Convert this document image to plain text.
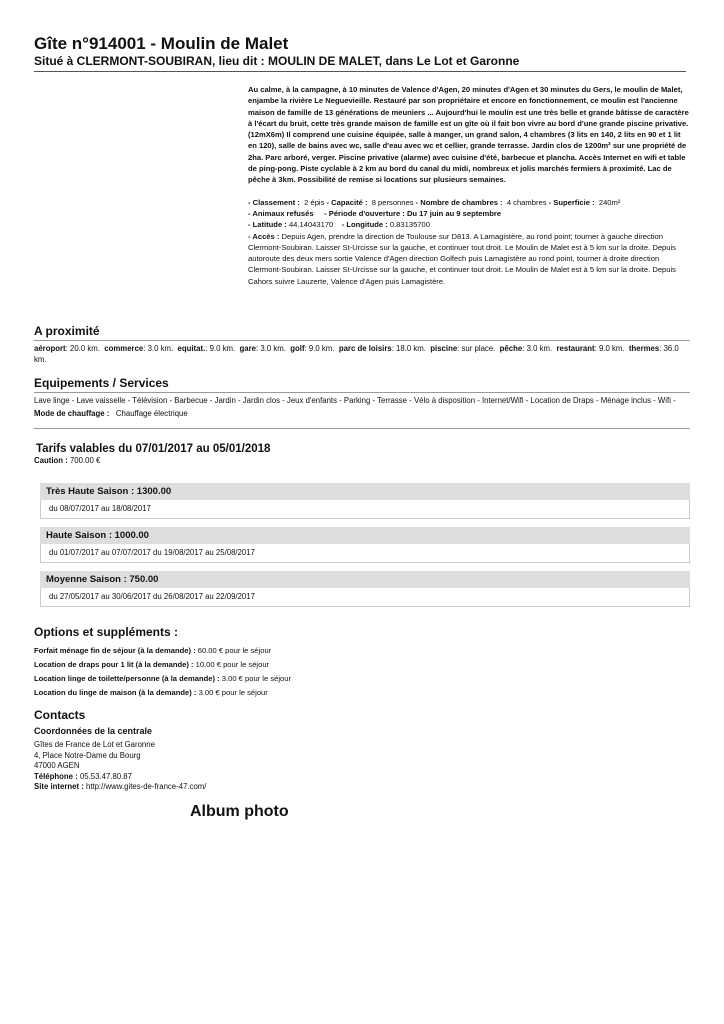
Gîte n°914001 - Moulin de Malet

Situé à CLERMONT-SOUBIRAN, lieu dit : MOULIN DE MALET, dans Le Lot et Garonne

Au calme, à la campagne, à 10 minutes de Valence d'Agen, 20 minutes d'Agen et 30 minutes du Gers, le moulin de Malet, enjambe la rivière Le Neguevieille. Restauré par son propriétaire et encore en fonctionnement, ce moulin est l'ancienne maison de famille de 13 générations de meuniers ... Aujourd'hui le moulin est une très belle et grande bâtisse de caractère à l'écart du bruit, cette très grande maison de famille est un gîte où il fait bon vivre au bord d'une grande piscine privative. (12mX6m) Il comprend une cuisine équipée, salle à manger, un grand salon, 4 chambres (3 lits en 140, 2 lits en 90 et 1 lit en 120), salle de bains avec wc, salle d'eau avec wc et cellier, grande terrasse. Jardin clos de 1200m² sur une propriété de 2ha. Parc arboré, verger. Piscine privative (alarme) avec cuisine d'été, barbecue et plancha. Accès Internet en wifi et table de ping-pong. Piste cyclable à 2 km au bord du canal du midi, nombreux et jolis marchés fermiers à proximité. Lac de pêche à 3km. Possibilité de remise si locations sur plusieurs semaines.

- Classement : 2 épis - Capacité : 8 personnes - Nombre de chambres : 4 chambres - Superficie : 240m²

- Animaux refusés - Période d'ouverture : Du 17 juin au 9 septembre

- Latitude : 44.14043170 - Longitude : 0.83135700

- Accès : Depuis Agen, prendre la direction de Toulouse sur D813. A Lamagistère, au rond point; tourner à gauche direction Clermont-Soubiran. Laisser St-Urcisse sur la gauche, et continuer tout droit. Le Moulin de Malet est à 5 km sur la droite. Depuis autoroute des deux mers sortie Valence d'Agen direction Golfech puis Lamagistère au rond point, tourner à droite direction Clermont-Soubiran. Laisser St-Urcisse sur la gauche, et continuer tout droit. Le Moulin de Malet est à 5 km sur la droite. Depuis Cahors suivre Lauzerte, Valence d'Agen puis Lamagistère.

A proximité

aéroport: 20.0 km. commerce: 3.0 km. equitat.: 9.0 km. gare: 3.0 km. golf: 9.0 km. parc de loisirs: 18.0 km. piscine: sur place. pêche: 3.0 km. restaurant: 9.0 km. thermes: 36.0 km.

Equipements / Services

Lave linge - Lave vaisselle - Télévision - Barbecue - Jardin - Jardin clos - Jeux d'enfants - Parking - Terrasse - Vélo à disposition - Internet/Wifi - Location de Draps - Ménage inclus - Wifi -
Mode de chauffage : Chauffage électrique
Tarifs valables du 07/01/2017 au 05/01/2018
Caution : 700.00 €
Très Haute Saison : 1300.00
du 08/07/2017 au 18/08/2017
Haute Saison : 1000.00
du 01/07/2017 au 07/07/2017 du 19/08/2017 au 25/08/2017
Moyenne Saison : 750.00
du 27/05/2017 au 30/06/2017 du 26/08/2017 au 22/09/2017

Options et suppléments :

Forfait ménage fin de séjour (à la demande) : 60.00 € pour le séjour
Location de draps pour 1 lit (à la demande) : 10.00 € pour le séjour
Location linge de toilette/personne (à la demande) : 3.00 € pour le séjour
Location du linge de maison (à la demande) : 3.00 € pour le séjour

Contacts

Coordonnées de la centrale
Gîtes de France de Lot et Garonne
4, Place Notre-Dame du Bourg
47000 AGEN
Téléphone : 05.53.47.80.87
Site internet : http://www.gites-de-france-47.com/
Album photo
